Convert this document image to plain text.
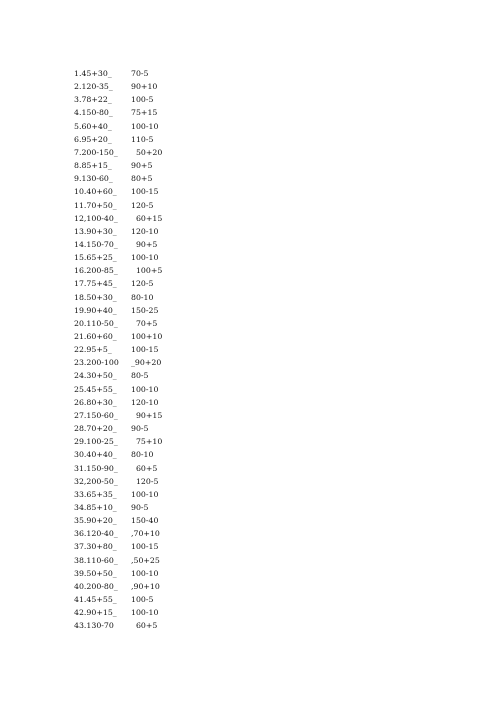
1.45+30_ 70-5
2.120-35_ 90+10
3.78+22_ 100-5
4.150-80_ 75+15
5.60+40_ 100-10
6.95+20_ 110-5
7.200-150_ 50+20
8.85+15_ 90+5
9.130-60_ 80+5
10.40+60_ 100-15
11.70+50_ 120-5
12,100-40_ 60+15
13.90+30_ 120-10
14.150-70_ 90+5
15.65+25_ 100-10
16.200-85_ 100+5
17.75+45_ 120-5
18.50+30_ 80-10
19.90+40_ 150-25
20.110-50_ 70+5
21.60+60_ 100+10
22.95+5_ 100-15
23.200-100 _90+20
24.30+50_ 80-5
25.45+55_ 100-10
26.80+30_ 120-10
27.150-60_ 90+15
28.70+20_ 90-5
29.100-25_ 75+10
30.40+40_ 80-10
31.150-90_ 60+5
32,200-50_ 120-5
33.65+35_ 100-10
34.85+10_ 90-5
35.90+20_ 150-40
36.120-40_ ,70+10
37.30+80_ 100-15
38.110-60_ ,50+25
39.50+50_ 100-10
40.200-80_ ,90+10
41.45+55_ 100-5
42.90+15_ 100-10
43.130-70 60+5
